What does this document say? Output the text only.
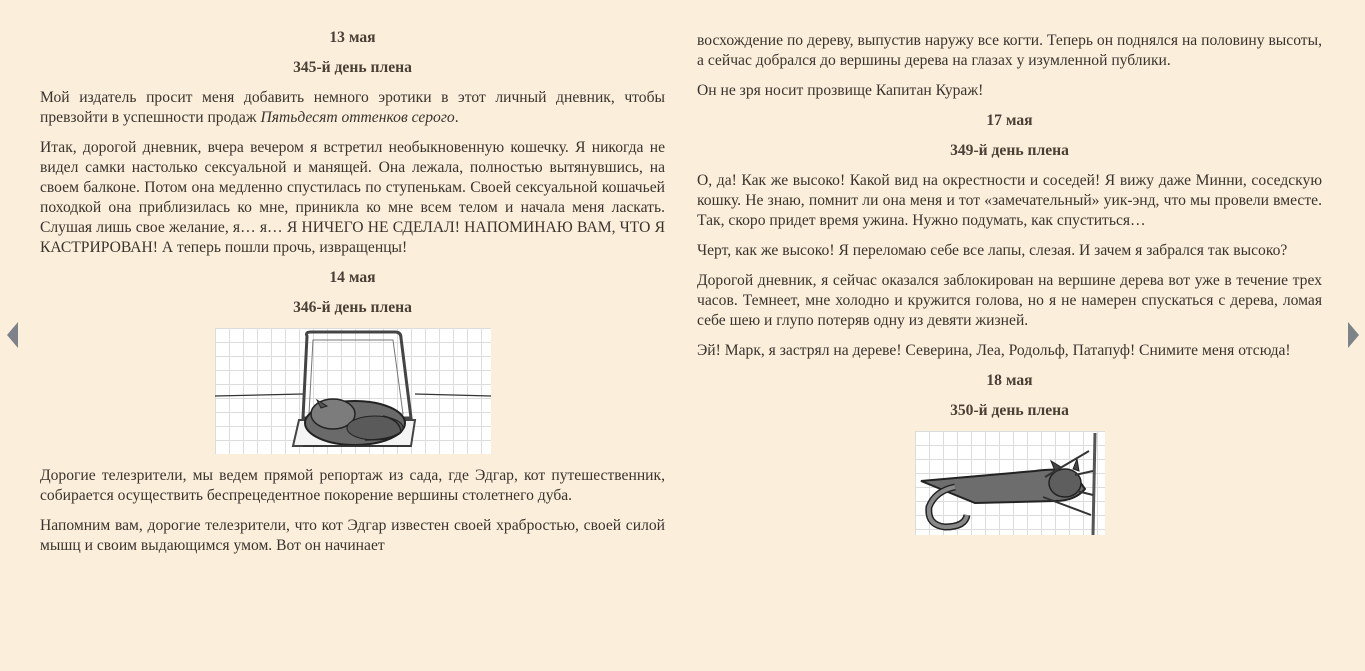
13 мая
345-й день плена

Мой издатель просит меня добавить немного эротики в этот личный дневник, чтобы превзойти в успешности продаж Пятьдесят оттенков серого.

Итак, дорогой дневник, вчера вечером я встретил необыкновенную кошечку. Я никогда не видел самки настолько сексуальной и манящей. Она лежала, полностью вытянувшись, на своем балконе. Потом она медленно спустилась по ступенькам. Своей сексуальной кошачьей походкой она приблизилась ко мне, приникла ко мне всем телом и начала меня ласкать. Слушая лишь свое желание, я… я… Я НИЧЕГО НЕ СДЕЛАЛ! НАПОМИНАЮ ВАМ, ЧТО Я КАСТРИРОВАН! А теперь пошли прочь, извращенцы!

14 мая
346-й день плена

Дорогие телезрители, мы ведем прямой репортаж из сада, где Эдгар, кот путешественник, собирается осуществить беспрецедентное покорение вершины столетнего дуба.

Напомним вам, дорогие телезрители, что кот Эдгар известен своей храбростью, своей силой мышц и своим выдающимся умом. Вот он начинает

восхождение по дереву, выпустив наружу все когти. Теперь он поднялся на половину высоты, а сейчас добрался до вершины дерева на глазах у изумленной публики.

Он не зря носит прозвище Капитан Кураж!

17 мая
349-й день плена

О, да! Как же высоко! Какой вид на окрестности и соседей! Я вижу даже Минни, соседскую кошку. Не знаю, помнит ли она меня и тот «замечательный» уик-энд, что мы провели вместе. Так, скоро придет время ужина. Нужно подумать, как спуститься…

Черт, как же высоко! Я переломаю себе все лапы, слезая. И зачем я забрался так высоко?

Дорогой дневник, я сейчас оказался заблокирован на вершине дерева вот уже в течение трех часов. Темнеет, мне холодно и кружится голова, но я не намерен спускаться с дерева, ломая себе шею и глупо потеряв одну из девяти жизней.

Эй! Марк, я застрял на дереве! Северина, Леа, Родольф, Патапуф! Снимите меня отсюда!

18 мая
350-й день плена
